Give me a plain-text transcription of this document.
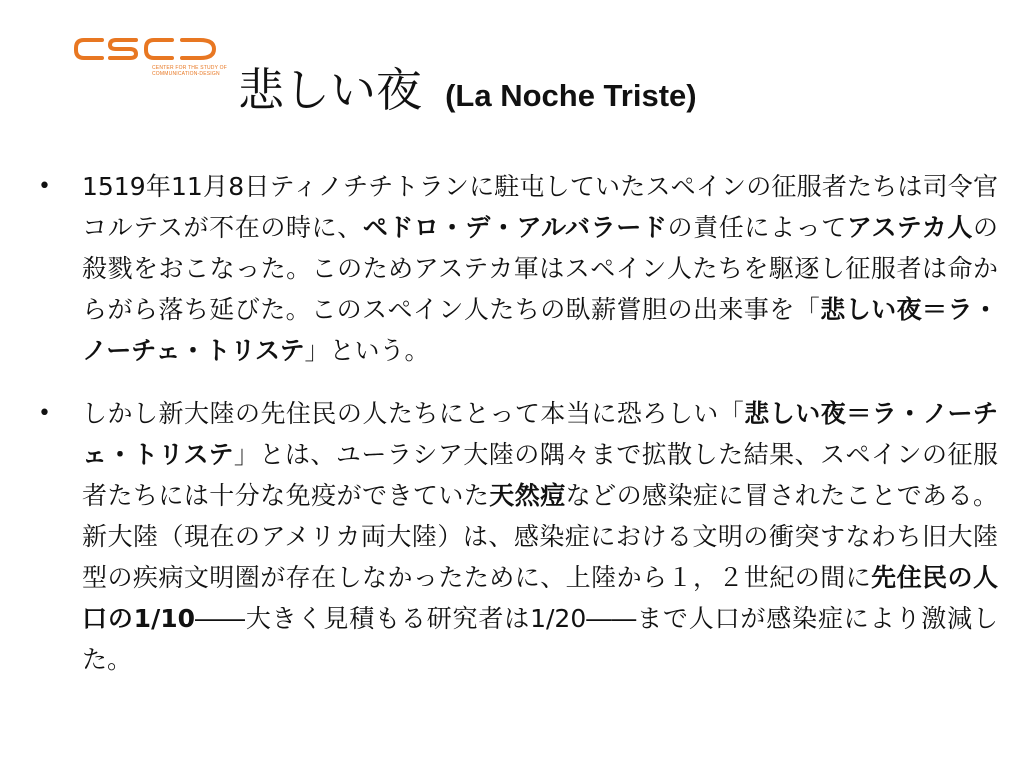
CENTER FOR THE STUDY OF
COMMUNICATION-DESIGN 悲しい夜 (La Noche Triste)
• 1519年11月8日ティノチチトランに駐屯していたスペインの征服者たちは司令官コルテスが不在の時に、ペドロ・デ・アルバラードの責任によってアステカ人の殺戮をおこなった。このためアステカ軍はスペイン人たちを駆逐し征服者は命からがら落ち延びた。このスペイン人たちの臥薪嘗胆の出来事を「悲しい夜＝ラ・ノーチェ・トリステ」という。
• しかし新大陸の先住民の人たちにとって本当に恐ろしい「悲しい夜＝ラ・ノーチェ・トリステ」とは、ユーラシア大陸の隅々まで拡散した結果、スペインの征服者たちには十分な免疫ができていた天然痘などの感染症に冒されたことである。新大陸（現在のアメリカ両大陸）は、感染症における文明の衝突すなわち旧大陸型の疾病文明圏が存在しなかったために、上陸から１，２世紀の間に先住民の人口の1/10――大きく見積もる研究者は1/20――まで人口が感染症により激減した。
